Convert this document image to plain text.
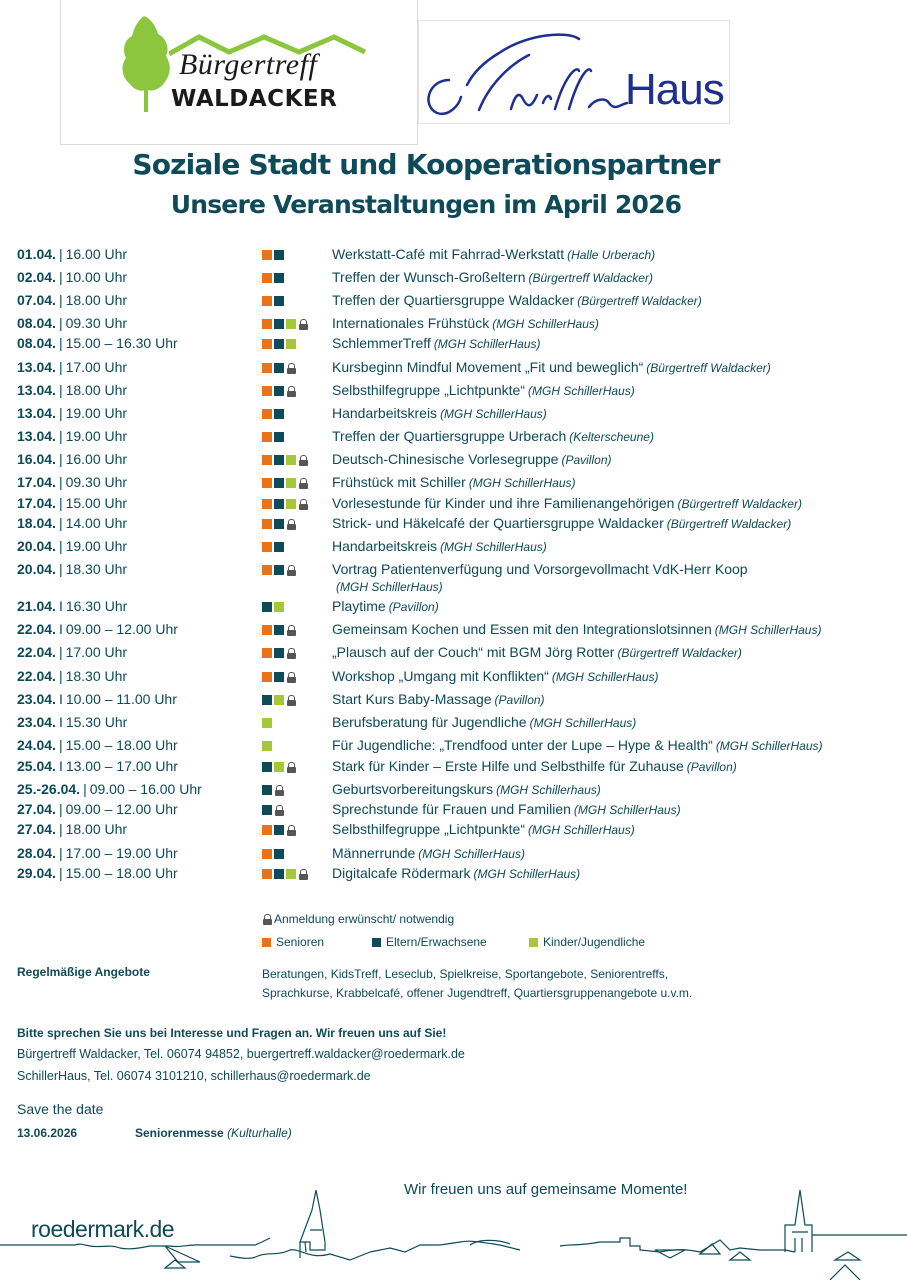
Bürgertreff
WALDACKER	Haus
Soziale Stadt und Kooperationspartner
Unsere Veranstaltungen im April 2026
01.04. | 16.00 Uhr	Werkstatt-Café mit Fahrrad-Werkstatt (Halle Urberach)
02.04. | 10.00 Uhr	Treffen der Wunsch-Großeltern (Bürgertreff Waldacker)
07.04. | 18.00 Uhr	Treffen der Quartiersgruppe Waldacker (Bürgertreff Waldacker)
08.04. | 09.30 Uhr	Internationales Frühstück (MGH SchillerHaus)
08.04. | 15.00 – 16.30 Uhr	SchlemmerTreff (MGH SchillerHaus)
13.04. | 17.00 Uhr	Kursbeginn Mindful Movement „Fit und beweglich“ (Bürgertreff Waldacker)
13.04. | 18.00 Uhr	Selbsthilfegruppe „Lichtpunkte“ (MGH SchillerHaus)
13.04. | 19.00 Uhr	Handarbeitskreis (MGH SchillerHaus)
13.04. | 19.00 Uhr	Treffen der Quartiersgruppe Urberach (Kelterscheune)
16.04. | 16.00 Uhr	Deutsch-Chinesische Vorlesegruppe (Pavillon)
17.04. | 09.30 Uhr	Frühstück mit Schiller (MGH SchillerHaus)
17.04. | 15.00 Uhr	Vorlesestunde für Kinder und ihre Familienangehörigen (Bürgertreff Waldacker)
18.04. | 14.00 Uhr	Strick- und Häkelcafé der Quartiersgruppe Waldacker (Bürgertreff Waldacker)
20.04. | 19.00 Uhr	Handarbeitskreis (MGH SchillerHaus)
20.04. | 18.30 Uhr	Vortrag Patientenverfügung und Vorsorgevollmacht VdK-Herr Koop
(MGH SchillerHaus)
21.04. I 16.30 Uhr	Playtime (Pavillon)
22.04. I 09.00 – 12.00 Uhr	Gemeinsam Kochen und Essen mit den Integrationslotsinnen (MGH SchillerHaus)
22.04. | 17.00 Uhr	„Plausch auf der Couch“ mit BGM Jörg Rotter (Bürgertreff Waldacker)
22.04. | 18.30 Uhr	Workshop „Umgang mit Konflikten“ (MGH SchillerHaus)
23.04. I 10.00 – 11.00 Uhr	Start Kurs Baby-Massage (Pavillon)
23.04. I 15.30 Uhr	Berufsberatung für Jugendliche (MGH SchillerHaus)
24.04. | 15.00 – 18.00 Uhr	Für Jugendliche: „Trendfood unter der Lupe – Hype & Health“ (MGH SchillerHaus)
25.04. I 13.00 – 17.00 Uhr	Stark für Kinder – Erste Hilfe und Selbsthilfe für Zuhause (Pavillon)
25.-26.04. | 09.00 – 16.00 Uhr	Geburtsvorbereitungskurs (MGH Schillerhaus)
27.04. | 09.00 – 12.00 Uhr	Sprechstunde für Frauen und Familien (MGH SchillerHaus)
27.04. | 18.00 Uhr	Selbsthilfegruppe „Lichtpunkte“ (MGH SchillerHaus)
28.04. | 17.00 – 19.00 Uhr	Männerrunde (MGH SchillerHaus)
29.04. | 15.00 – 18.00 Uhr	Digitalcafe Rödermark (MGH SchillerHaus)
Anmeldung erwünscht/ notwendig
Senioren	Eltern/Erwachsene	Kinder/Jugendliche
Regelmäßige Angebote	Beratungen, KidsTreff, Leseclub, Spielkreise, Sportangebote, Seniorentreffs,
Sprachkurse, Krabbelcafé, offener Jugendtreff, Quartiersgruppenangebote u.v.m.
Bitte sprechen Sie uns bei Interesse und Fragen an. Wir freuen uns auf Sie!
Bürgertreff Waldacker, Tel. 06074 94852, buergertreff.waldacker@roedermark.de
SchillerHaus, Tel. 06074 3101210, schillerhaus@roedermark.de
Save the date
13.06.2026	Seniorenmesse (Kulturhalle)
Wir freuen uns auf gemeinsame Momente!
roedermark.de
